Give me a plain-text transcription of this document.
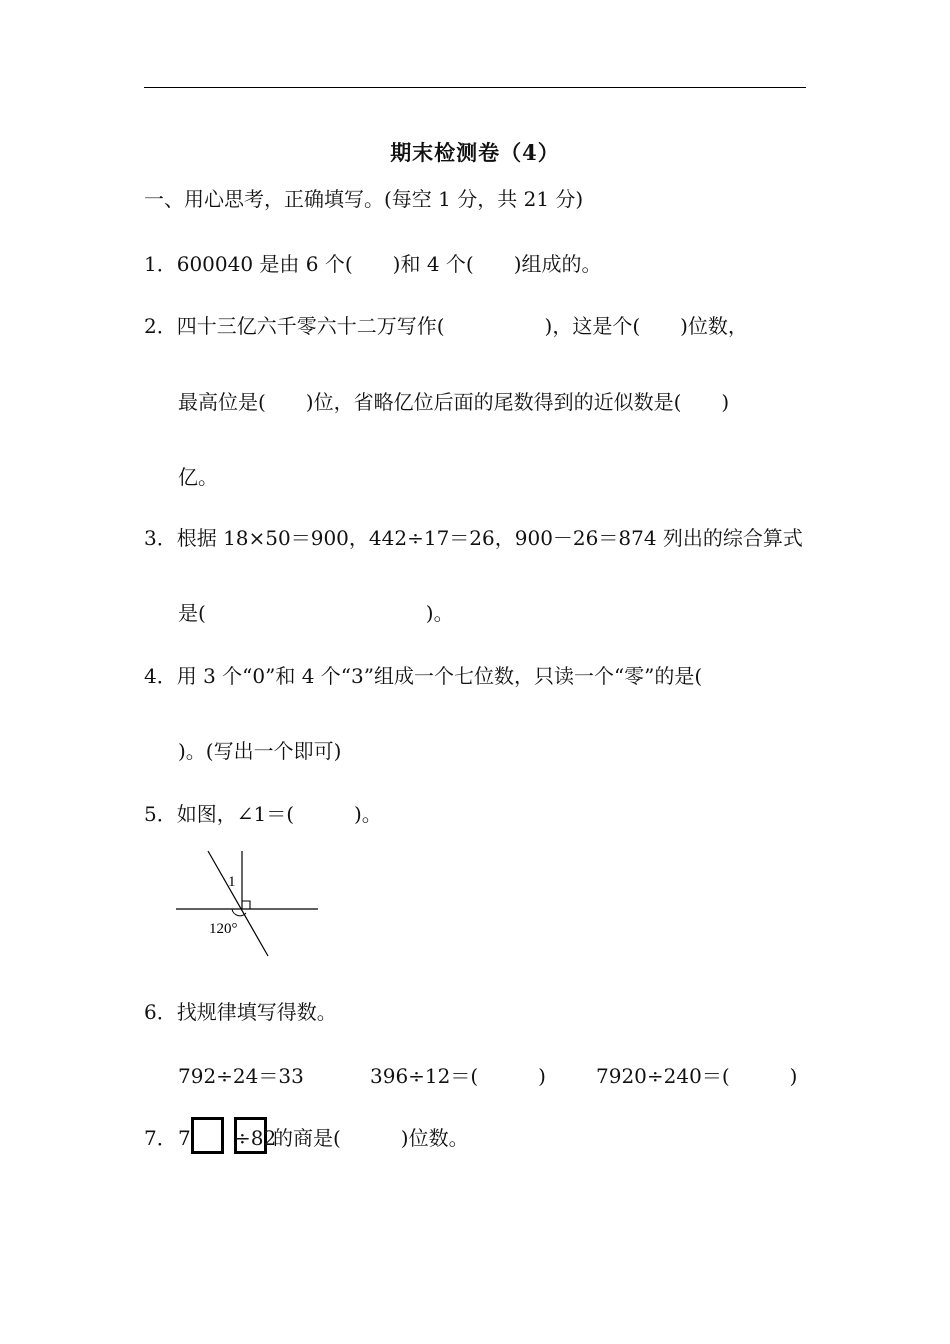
期末检测卷（4）
一、用心思考，正确填写。(每空 1 分，共 21 分)
1．600040 是由 6 个(　　)和 4 个(　　)组成的。
2．四十三亿六千零六十二万写作(　　　　　)，这是个(　　)位数，
最高位是(　　)位，省略亿位后面的尾数得到的近似数是(　　)
亿。
3．根据 18×50＝900，442÷17＝26，900－26＝874 列出的综合算式
是(　　　　　　　　　　　)。
4．用 3 个“0”和 4 个“3”组成一个七位数，只读一个“零”的是(
)。(写出一个即可)
5．如图，∠1＝(　　　)。
1
120°
6．找规律填写得数。
792÷24＝33	396÷12＝(　　　)	7920÷240＝(　　　)
7． 7 ÷82
的商是(　　　)位数。
